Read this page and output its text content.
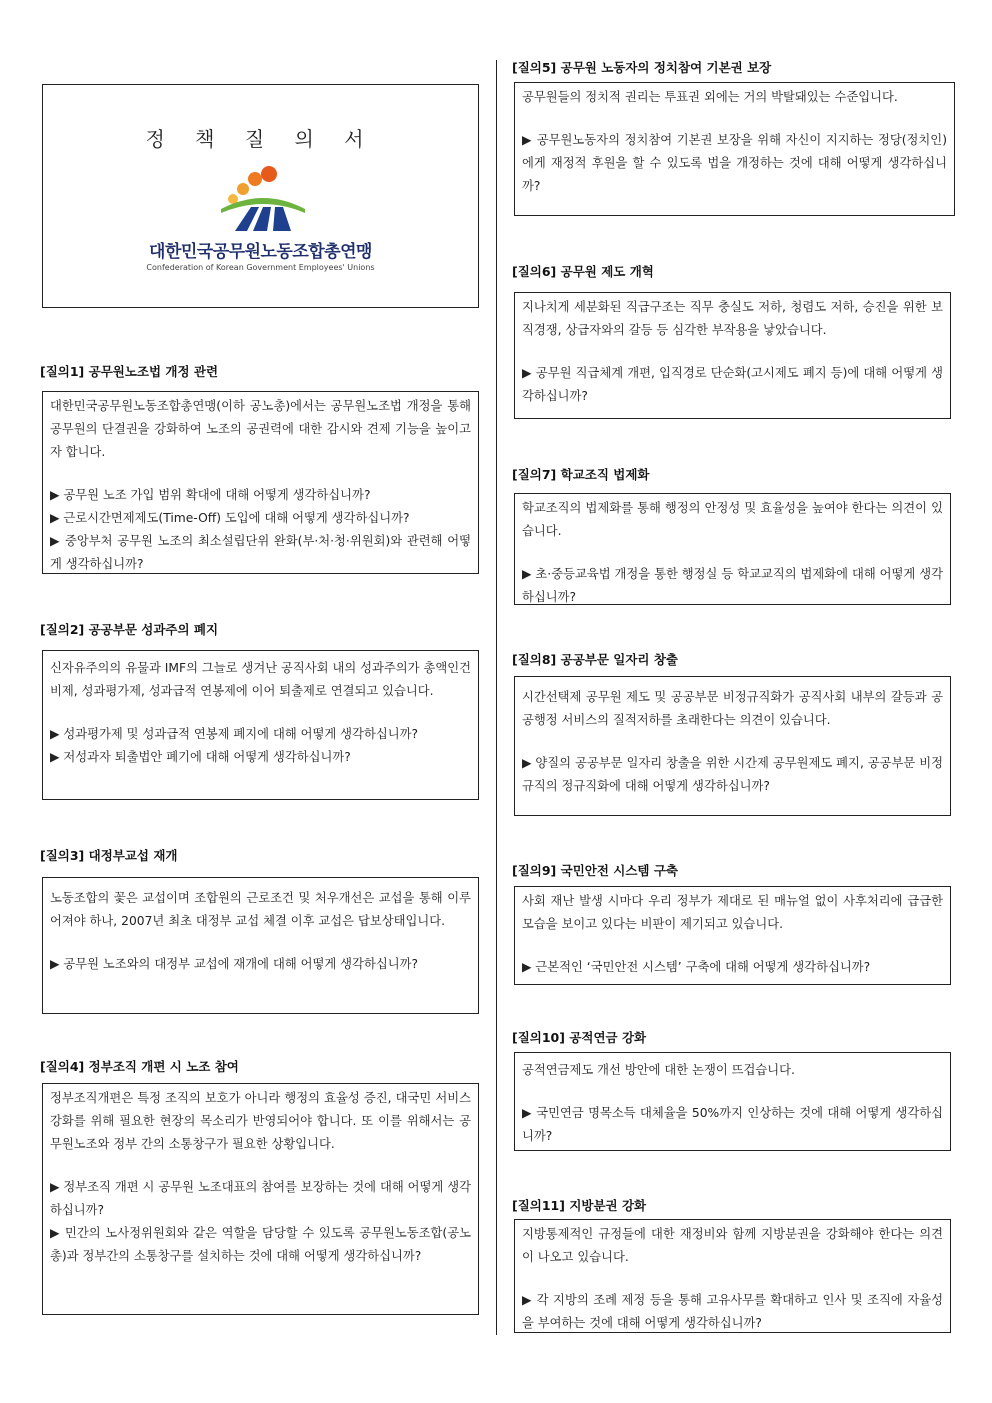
정 책 질 의 서
대한민국공무원노동조합총연맹
Confederation of Korean Government Employees' Unions
[질의1] 공무원노조법 개정 관련

대한민국공무원노동조합총연맹(이하 공노총)에서는 공무원노조법 개정을 통해 공무원의 단결권을 강화하여 노조의 공권력에 대한 감시와 견제 기능을 높이고자 합니다.

▶ 공무원 노조 가입 범위 확대에 대해 어떻게 생각하십니까?

▶ 근로시간면제제도(Time-Off) 도입에 대해 어떻게 생각하십니까?

▶ 중앙부처 공무원 노조의 최소설립단위 완화(부·처·청·위원회)와 관련해 어떻게 생각하십니까?

[질의2] 공공부문 성과주의 폐지

신자유주의의 유물과 IMF의 그늘로 생겨난 공직사회 내의 성과주의가 총액인건비제, 성과평가제, 성과급적 연봉제에 이어 퇴출제로 연결되고 있습니다.

▶ 성과평가제 및 성과급적 연봉제 폐지에 대해 어떻게 생각하십니까?

▶ 저성과자 퇴출법안 폐기에 대해 어떻게 생각하십니까?

[질의3] 대정부교섭 재개

노동조합의 꽃은 교섭이며 조합원의 근로조건 및 처우개선은 교섭을 통해 이루어져야 하나, 2007년 최초 대정부 교섭 체결 이후 교섭은 답보상태입니다.

▶ 공무원 노조와의 대정부 교섭에 재개에 대해 어떻게 생각하십니까?

[질의4] 정부조직 개편 시 노조 참여

정부조직개편은 특정 조직의 보호가 아니라 행정의 효율성 증진, 대국민 서비스 강화를 위해 필요한 현장의 목소리가 반영되어야 합니다. 또 이를 위해서는 공무원노조와 정부 간의 소통창구가 필요한 상황입니다.

▶ 정부조직 개편 시 공무원 노조대표의 참여를 보장하는 것에 대해 어떻게 생각하십니까?

▶ 민간의 노사정위원회와 같은 역할을 담당할 수 있도록 공무원노동조합(공노총)과 정부간의 소통창구를 설치하는 것에 대해 어떻게 생각하십니까?

[질의5] 공무원 노동자의 정치참여 기본권 보장

공무원들의 정치적 권리는 투표권 외에는 거의 박탈돼있는 수준입니다.

▶ 공무원노동자의 정치참여 기본권 보장을 위해 자신이 지지하는 정당(정치인)에게 재정적 후원을 할 수 있도록 법을 개정하는 것에 대해 어떻게 생각하십니까?

[질의6] 공무원 제도 개혁

지나치게 세분화된 직급구조는 직무 충실도 저하, 청렴도 저하, 승진을 위한 보직경쟁, 상급자와의 갈등 등 심각한 부작용을 낳았습니다.

▶ 공무원 직급체계 개편, 입직경로 단순화(고시제도 폐지 등)에 대해 어떻게 생각하십니까?

[질의7] 학교조직 법제화

학교조직의 법제화를 통해 행정의 안정성 및 효율성을 높여야 한다는 의견이 있습니다.

▶ 초·중등교육법 개정을 통한 행정실 등 학교교직의 법제화에 대해 어떻게 생각하십니까?

[질의8] 공공부문 일자리 창출

시간선택제 공무원 제도 및 공공부문 비정규직화가 공직사회 내부의 갈등과 공공행정 서비스의 질적저하를 초래한다는 의견이 있습니다.

▶ 양질의 공공부문 일자리 창출을 위한 시간제 공무원제도 폐지, 공공부문 비정규직의 정규직화에 대해 어떻게 생각하십니까?

[질의9] 국민안전 시스템 구축

사회 재난 발생 시마다 우리 정부가 제대로 된 매뉴얼 없이 사후처리에 급급한 모습을 보이고 있다는 비판이 제기되고 있습니다.

▶ 근본적인 ‘국민안전 시스템’ 구축에 대해 어떻게 생각하십니까?

[질의10] 공적연금 강화

공적연금제도 개선 방안에 대한 논쟁이 뜨겁습니다.

▶ 국민연금 명목소득 대체율을 50%까지 인상하는 것에 대해 어떻게 생각하십니까?

[질의11] 지방분권 강화

지방통제적인 규정들에 대한 재정비와 함께 지방분권을 강화해야 한다는 의견이 나오고 있습니다.

▶ 각 지방의 조례 제정 등을 통해 고유사무를 확대하고 인사 및 조직에 자율성을 부여하는 것에 대해 어떻게 생각하십니까?
